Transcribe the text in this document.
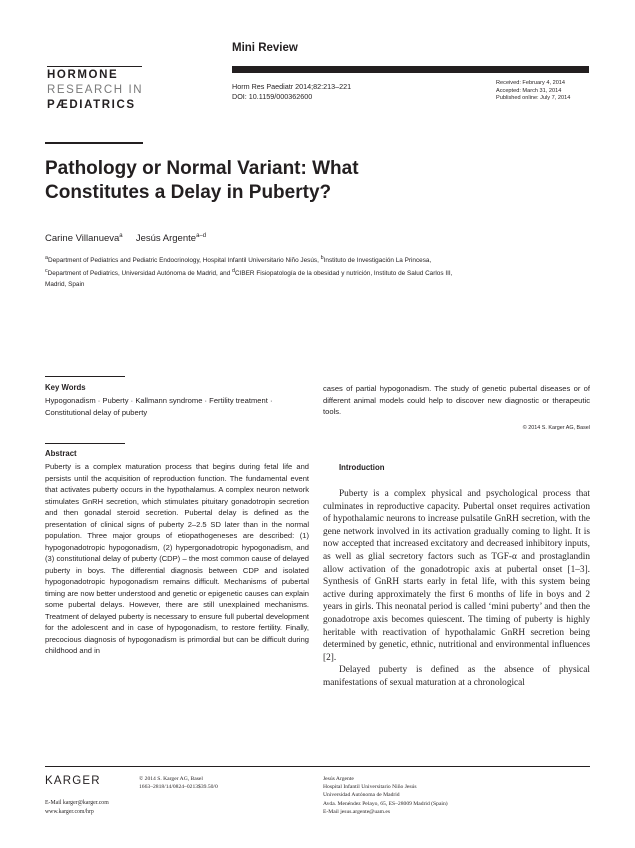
Mini Review
HORMONE
RESEARCH IN
PÆDIATRICS
Horm Res Paediatr 2014;82:213–221
DOI: 10.1159/000362600
Received: February 4, 2014
Accepted: March 31, 2014
Published online: July 7, 2014
Pathology or Normal Variant: What Constitutes a Delay in Puberty?
Carine Villanueva$^a$ Jesús Argente$^{a-d}$
$^a$Department of Pediatrics and Pediatric Endocrinology, Hospital Infantil Universitario Niño Jesús, $^b$Instituto de Investigación La Princesa, $^c$Department of Pediatrics, Universidad Autónoma de Madrid, and $^d$CIBER Fisiopatología de la obesidad y nutrición, Instituto de Salud Carlos III, Madrid, Spain
Key Words
Hypogonadism · Puberty · Kallmann syndrome · Fertility treatment · Constitutional delay of puberty
cases of partial hypogonadism. The study of genetic pubertal diseases or of different animal models could help to discover new diagnostic or therapeutic tools.
© 2014 S. Karger AG, Basel
Abstract
Puberty is a complex maturation process that begins during fetal life and persists until the acquisition of reproduction function. The fundamental event that activates puberty occurs in the hypothalamus. A complex neuron network stimulates GnRH secretion, which stimulates pituitary gonadotropin secretion and then gonadal steroid secretion. Pubertal delay is defined as the presentation of clinical signs of puberty 2–2.5 SD later than in the normal population. Three major groups of etiopathogeneses are described: (1) hypogonadotropic hypogonadism, (2) hypergonadotropic hypogonadism, and (3) constitutional delay of puberty (CDP) – the most common cause of delayed puberty in boys. The differential diagnosis between CDP and isolated hypogonadotropic hypogonadism remains difficult. Mechanisms of pubertal timing are now better understood and genetic or epigenetic causes can explain some pubertal delays. However, there are still unexplained mechanisms. Treatment of delayed puberty is necessary to ensure full pubertal development for the adolescent and in case of hypogonadism, to restore fertility. Finally, precocious diagnosis of hypogonadism is primordial but can be difficult during childhood and in
Introduction

Puberty is a complex physical and psychological process that culminates in reproductive capacity. Pubertal onset requires activation of hypothalamic neurons to increase pulsatile GnRH secretion, with the gene network involved in its activation gradually coming to light. It is now accepted that increased excitatory and decreased inhibitory inputs, as well as glial secretory factors such as TGF-α and prostaglandin allow activation of the gonadotropic axis at pubertal onset [1–3]. Synthesis of GnRH starts early in fetal life, with this system being active during approximately the first 6 months of life in boys and 2 years in girls. This neonatal period is called ‘mini puberty’ and then the gonadotrope axis becomes quiescent. The timing of puberty is highly heritable with reactivation of hypothalamic GnRH secretion being determined by genetic, ethnic, nutritional and environmental influences [2].

Delayed puberty is defined as the absence of physical manifestations of sexual maturation at a chronological

KARGER
E-Mail karger@karger.com
www.karger.com/hrp
© 2014 S. Karger AG, Basel
1663–2818/14/0824–0213$39.50/0
Jesús Argente
Hospital Infantil Universitario Niño Jesús
Universidad Autónoma de Madrid
Avda. Menéndez Pelayo, 65, ES–28009 Madrid (Spain)
E-Mail jesus.argente@uam.es
